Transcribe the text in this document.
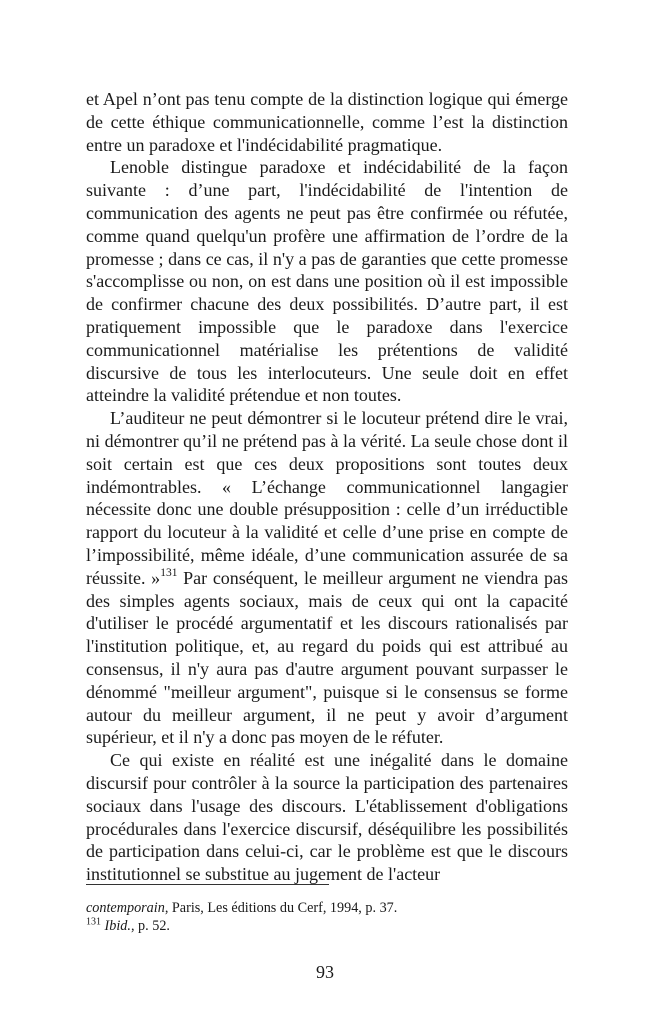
et Apel n’ont pas tenu compte de la distinction logique qui émerge de cette éthique communicationnelle, comme l’est la distinction entre un paradoxe et l'indécidabilité pragmatique.

Lenoble distingue paradoxe et indécidabilité de la façon suivante : d’une part, l'indécidabilité de l'intention de communication des agents ne peut pas être confirmée ou réfutée, comme quand quelqu'un profère une affirmation de l’ordre de la promesse ; dans ce cas, il n'y a pas de garanties que cette promesse s'accomplisse ou non, on est dans une position où il est impossible de confirmer chacune des deux possibilités. D’autre part, il est pratiquement impossible que le paradoxe dans l'exercice communicationnel matérialise les prétentions de validité discursive de tous les interlocuteurs. Une seule doit en effet atteindre la validité prétendue et non toutes.

L’auditeur ne peut démontrer si le locuteur prétend dire le vrai, ni démontrer qu’il ne prétend pas à la vérité. La seule chose dont il soit certain est que ces deux propositions sont toutes deux indémontrables. « L’échange communicationnel langagier nécessite donc une double présupposition : celle d’un irréductible rapport du locuteur à la validité et celle d’une prise en compte de l’impossibilité, même idéale, d’une communication assurée de sa réussite. »$^{131}$ Par conséquent, le meilleur argument ne viendra pas des simples agents sociaux, mais de ceux qui ont la capacité d'utiliser le procédé argumentatif et les discours rationalisés par l'institution politique, et, au regard du poids qui est attribué au consensus, il n'y aura pas d'autre argument pouvant surpasser le dénommé "meilleur argument", puisque si le consensus se forme autour du meilleur argument, il ne peut y avoir d’argument supérieur, et il n'y a donc pas moyen de le réfuter.

Ce qui existe en réalité est une inégalité dans le domaine discursif pour contrôler à la source la participation des partenaires sociaux dans l'usage des discours. L'établissement d'obligations procédurales dans l'exercice discursif, déséquilibre les possibilités de participation dans celui-ci, car le problème est que le discours institutionnel se substitue au jugement de l'acteur

contemporain, Paris, Les éditions du Cerf, 1994, p. 37.

$^{131}$ Ibid., p. 52.

93
